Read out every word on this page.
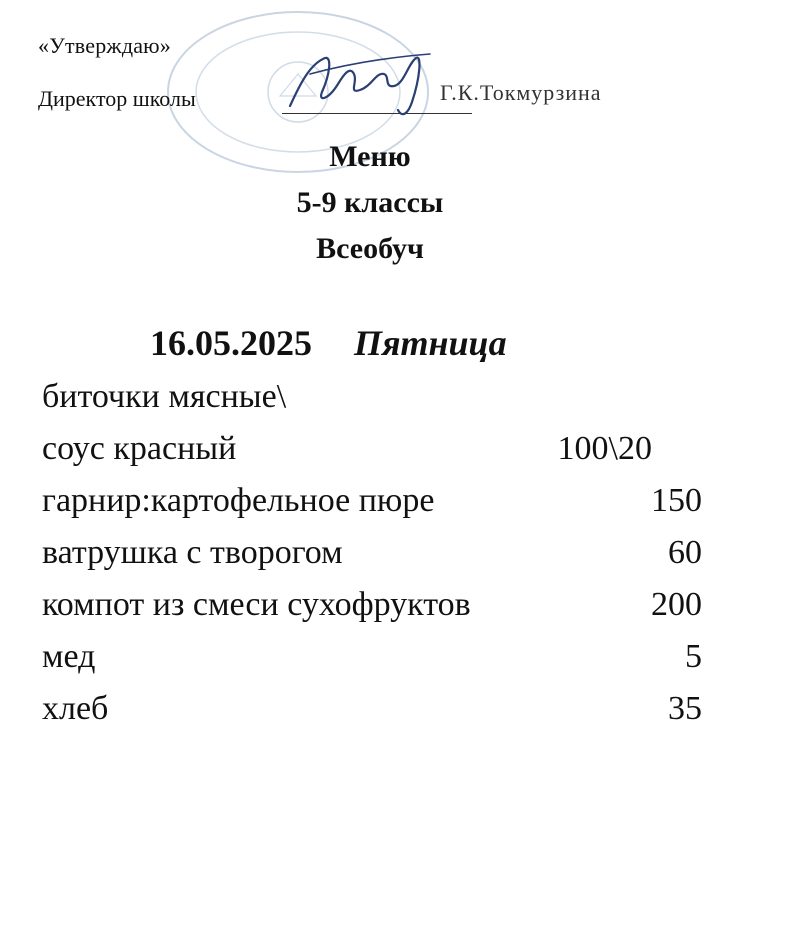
«Утверждаю»
Директор школы	Г.К.Токмурзина
Меню
5-9 классы
Всеобуч
16.05.2025 Пятница
биточки мясные\
соус красный	100\20
гарнир:картофельное пюре	150
ватрушка с творогом	60
компот из смеси сухофруктов	200
мед	5
хлеб	35
